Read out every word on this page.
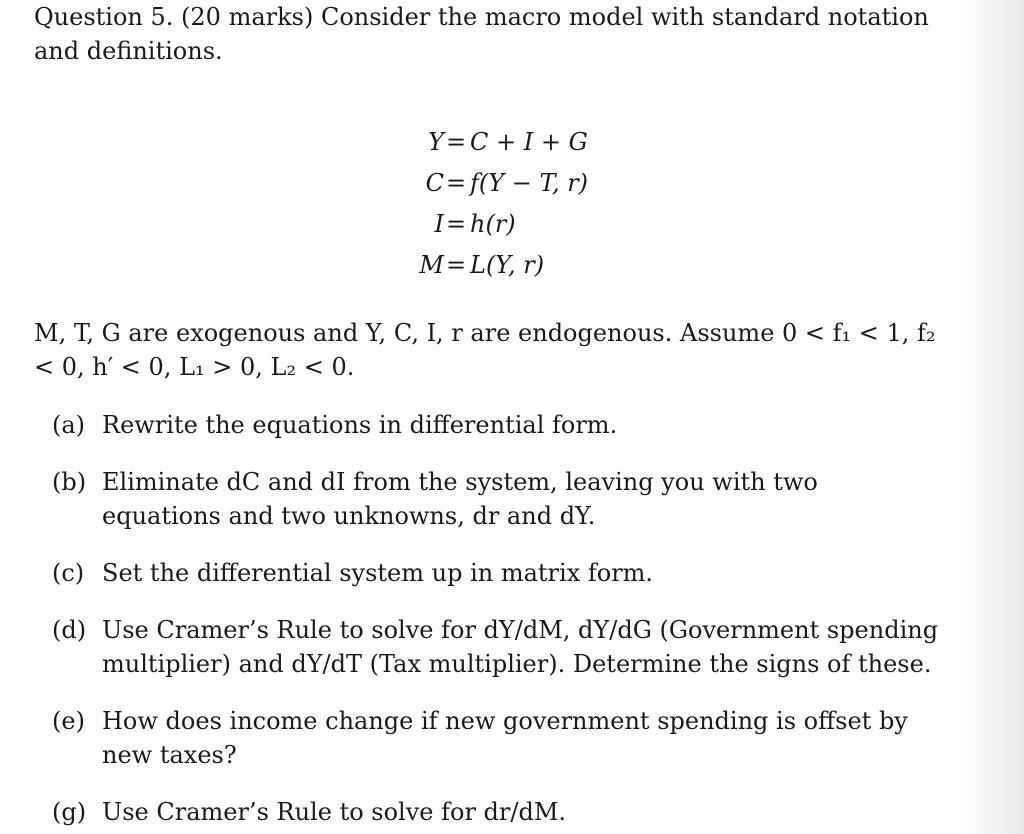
Question 5. (20 marks) Consider the macro model with standard notation and definitions.

Y = C + I + G
C = f(Y − T, r)
I = h(r)
M = L(Y, r)

M, T, G are exogenous and Y, C, I, r are endogenous. Assume 0 < f₁ < 1, f₂ < 0, h′ < 0, L₁ > 0, L₂ < 0.

(a) Rewrite the equations in differential form.
(b) Eliminate dC and dI from the system, leaving you with two equations and two unknowns, dr and dY.
(c) Set the differential system up in matrix form.
(d) Use Cramer’s Rule to solve for dY/dM, dY/dG (Government spending multiplier) and dY/dT (Tax multiplier). Determine the signs of these.
(e) How does income change if new government spending is offset by new taxes?
(g) Use Cramer’s Rule to solve for dr/dM.
